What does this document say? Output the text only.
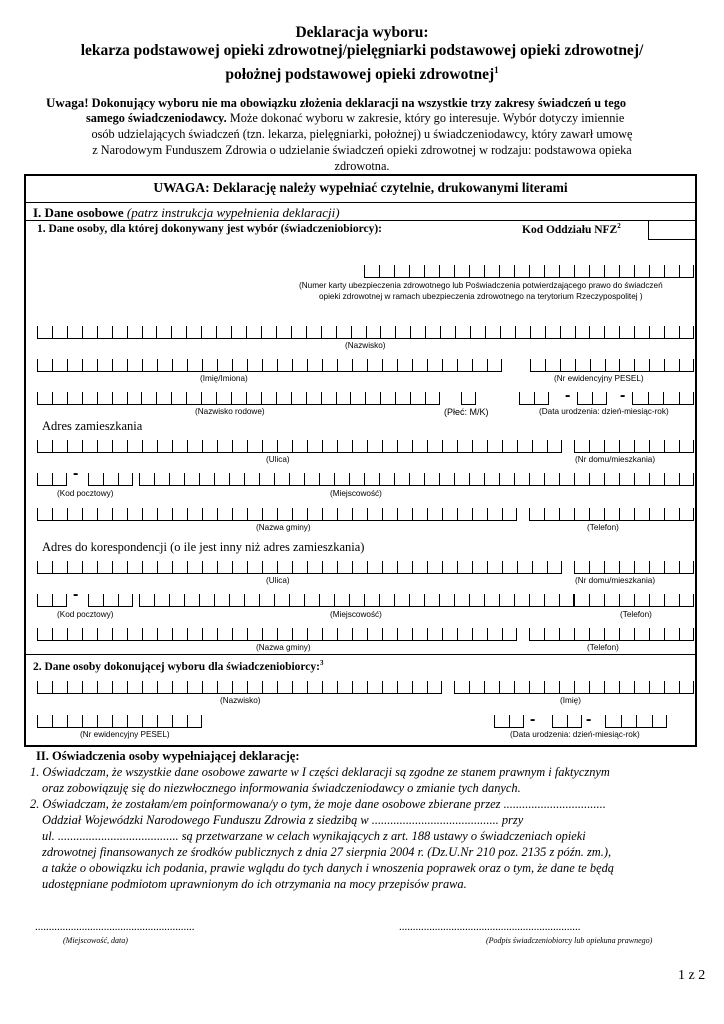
Deklaracja wyboru:
lekarza podstawowej opieki zdrowotnej/pielęgniarki podstawowej opieki zdrowotnej/
położnej podstawowej opieki zdrowotnej$^1$
Uwaga! Dokonujący wyboru nie ma obowiązku złożenia deklaracji na wszystkie trzy zakresy świadczeń u tego
samego świadczeniodawcy. Może dokonać wyboru w zakresie, który go interesuje. Wybór dotyczy imiennie
osób udzielających świadczeń (tzn. lekarza, pielęgniarki, położnej) u świadczeniodawcy, który zawarł umowę
z Narodowym Funduszem Zdrowia o udzielanie świadczeń opieki zdrowotnej w rodzaju: podstawowa opieka
zdrowotna.
UWAGA: Deklarację należy wypełniać czytelnie, drukowanymi literami
I. Dane osobowe (patrz instrukcja wypełnienia deklaracji)
1. Dane osoby, dla której dokonywany jest wybór (świadczeniobiorcy):	Kod Oddziału NFZ$^2$
(Numer karty ubezpieczenia zdrowotnego lub Poświadczenia potwierdzającego prawo do świadczeń
opieki zdrowotnej w ramach ubezpieczenia zdrowotnego na terytorium Rzeczypospolitej )
(Nazwisko)
(Imię/Imiona)	(Nr ewidencyjny PESEL)
-	-
(Nazwisko rodowe)	(Płeć: M/K)	(Data urodzenia: dzień-miesiąc-rok)
Adres zamieszkania
(Ulica)	(Nr domu/mieszkania)
-
(Kod pocztowy)	(Miejscowość)
(Nazwa gminy)	(Telefon)
Adres do korespondencji (o ile jest inny niż adres zamieszkania)
(Ulica)	(Nr domu/mieszkania)
-
(Kod pocztowy)	(Miejscowość)	(Telefon)
(Nazwa gminy)	(Telefon)
2. Dane osoby dokonującej wyboru dla świadczeniobiorcy:$^3$
(Nazwisko)	(Imię)
-	-
(Nr ewidencyjny PESEL)	(Data urodzenia: dzień-miesiąc-rok)
II. Oświadczenia osoby wypełniającej deklarację:
1. Oświadczam, że wszystkie dane osobowe zawarte w I części deklaracji są zgodne ze stanem prawnym i faktycznym
oraz zobowiązuję się do niezwłocznego informowania świadczeniodawcy o zmianie tych danych.
2. Oświadczam, że zostałam/em poinformowana/y o tym, że moje dane osobowe zbierane przez .................................
Oddział Wojewódzki Narodowego Funduszu Zdrowia z siedzibą w ......................................... przy
ul. ....................................... są przetwarzane w celach wynikających z art. 188 ustawy o świadczeniach opieki
zdrowotnej finansowanych ze środków publicznych z dnia 27 sierpnia 2004 r. (Dz.U.Nr 210 poz. 2135 z późn. zm.),
a także o obowiązku ich podania, prawie wglądu do tych danych i wnoszenia poprawek oraz o tym, że dane te będą
udostępniane podmiotom uprawnionym do ich otrzymania na mocy przepisów prawa.
..........................................................
(Miejscowość, data)
..................................................................
(Podpis świadczeniobiorcy lub opiekuna prawnego)
1 z 2
